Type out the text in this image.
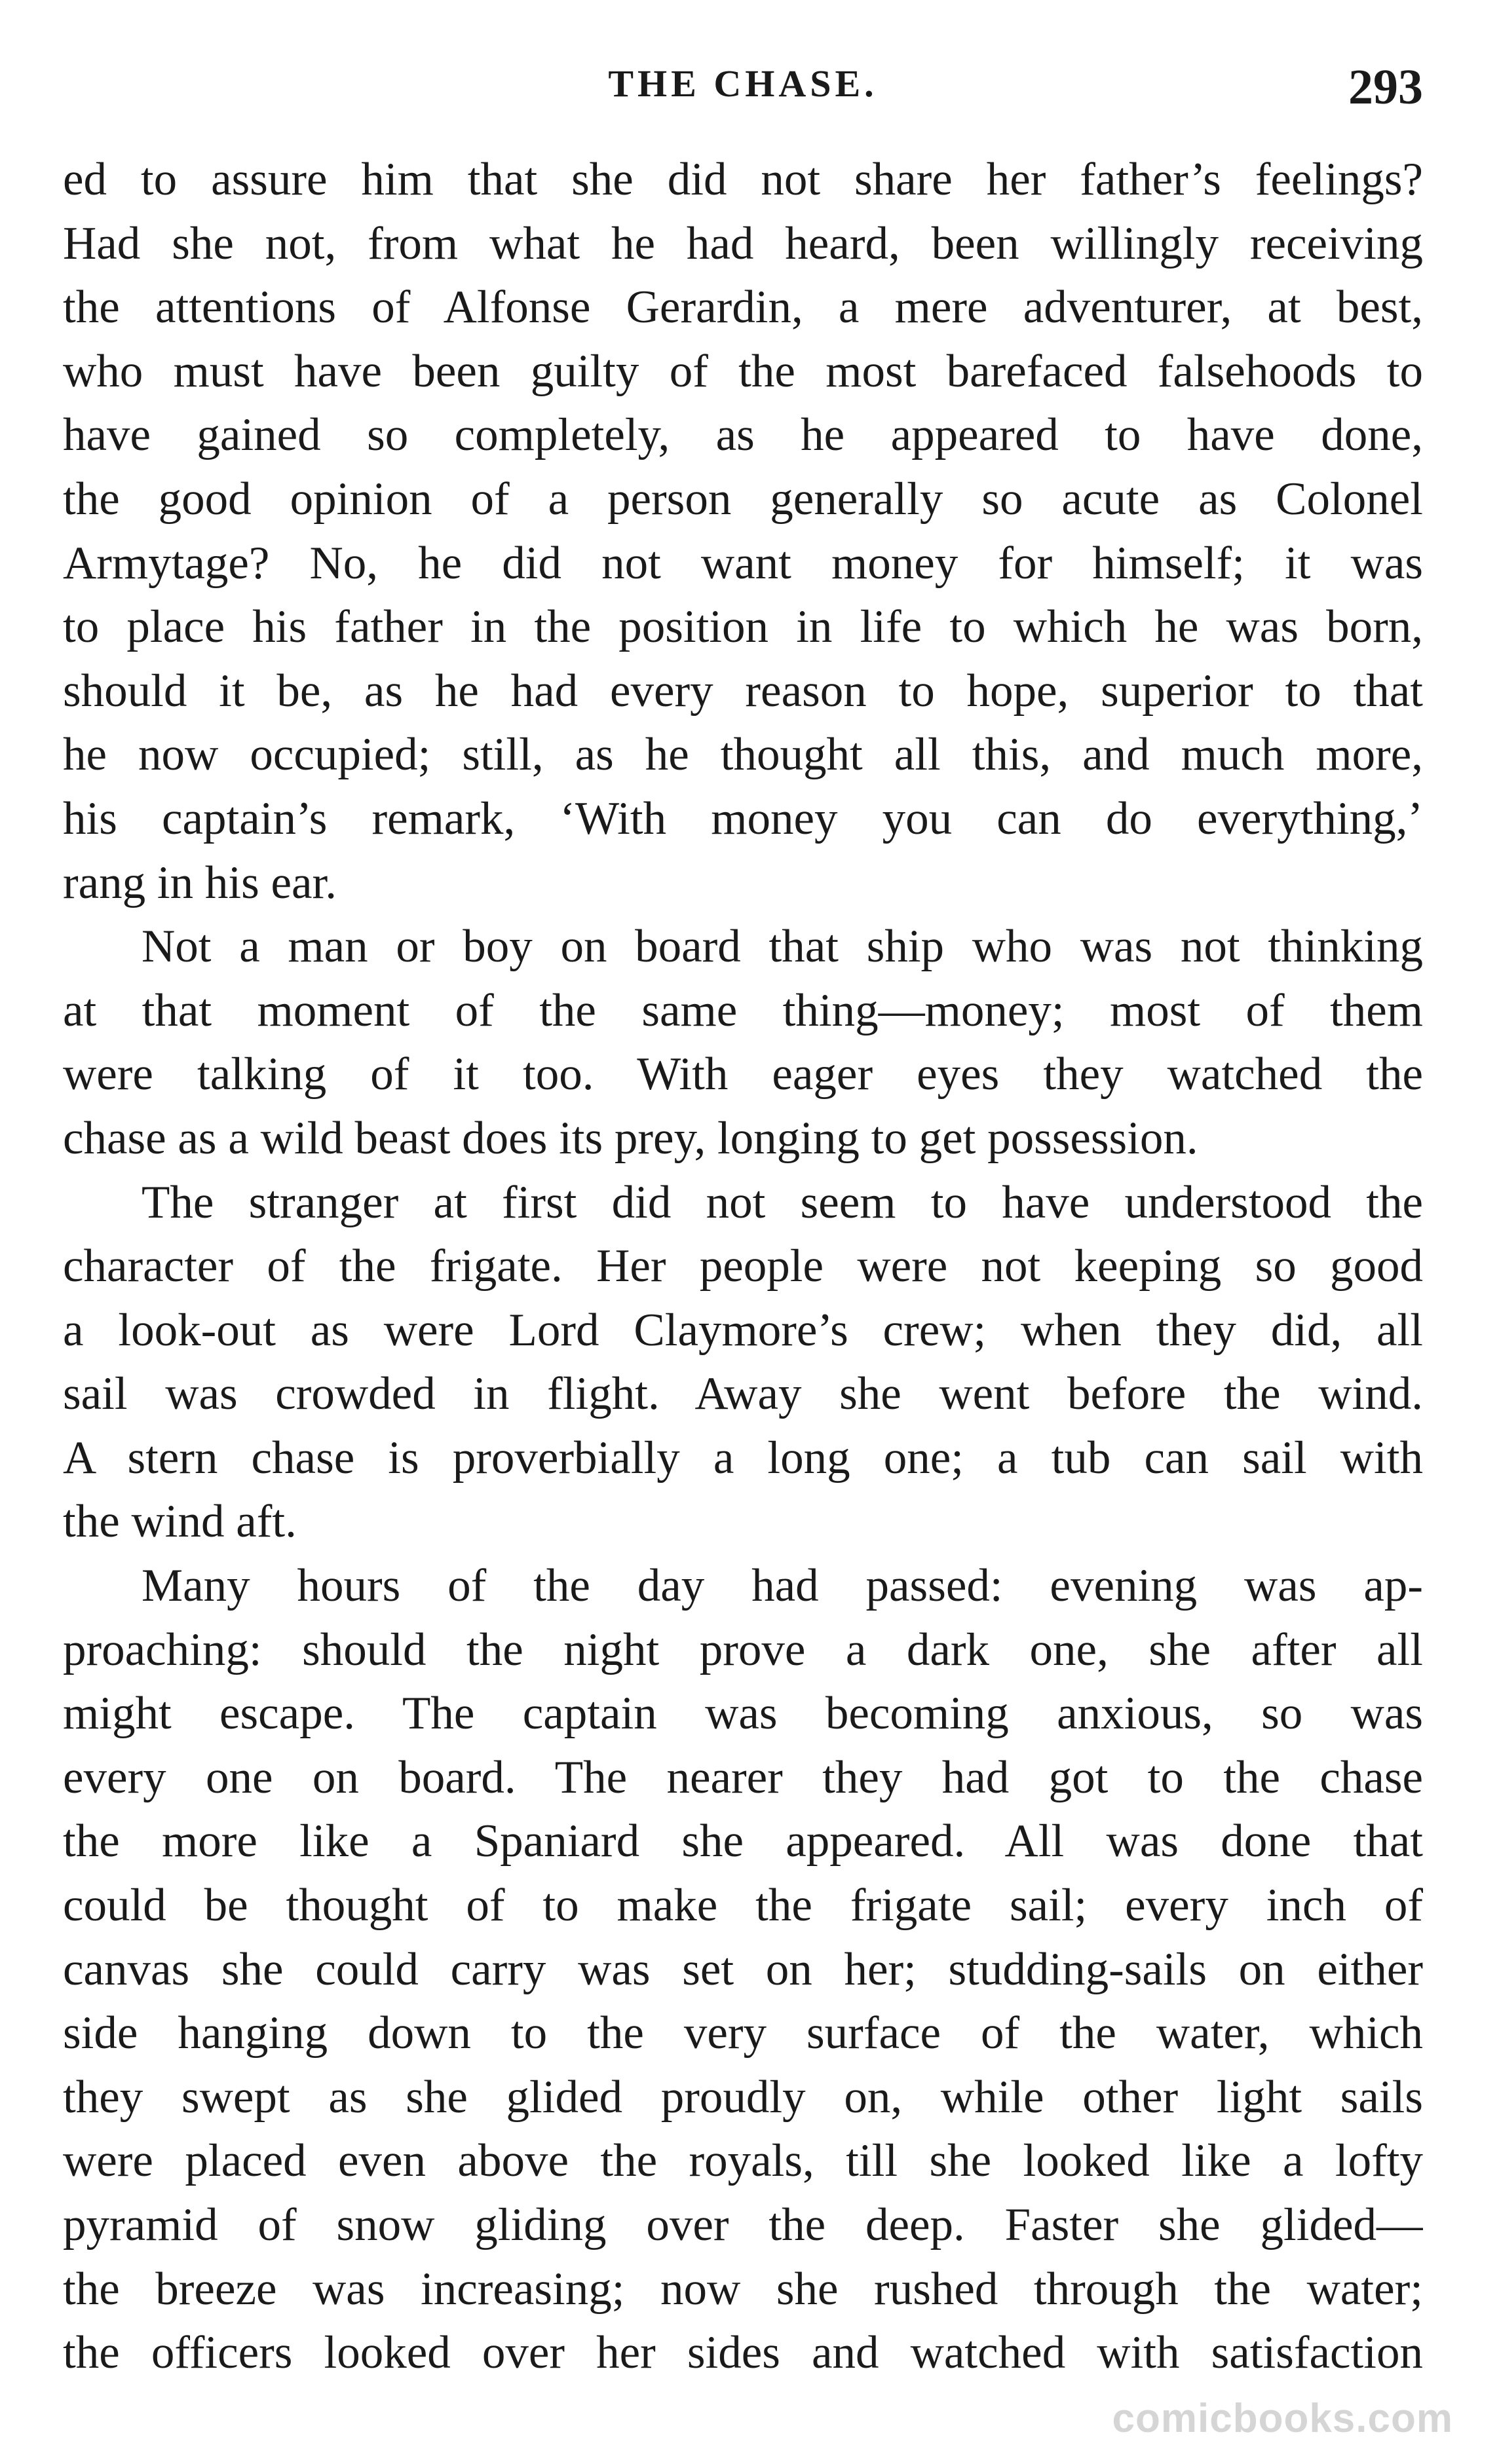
THE CHASE.	293
ed to assure him that she did not share her father’s feelings?
Had she not, from what he had heard, been willingly receiving
the attentions of Alfonse Gerardin, a mere adventurer, at best,
who must have been guilty of the most barefaced falsehoods to
have gained so completely, as he appeared to have done,
the good opinion of a person generally so acute as Colonel
Armytage? No, he did not want money for himself; it was
to place his father in the position in life to which he was born,
should it be, as he had every reason to hope, superior to that
he now occupied; still, as he thought all this, and much more,
his captain’s remark, ‘With money you can do everything,’
rang in his ear.
Not a man or boy on board that ship who was not thinking
at that moment of the same thing—money; most of them
were talking of it too. With eager eyes they watched the
chase as a wild beast does its prey, longing to get possession.
The stranger at first did not seem to have understood the
character of the frigate. Her people were not keeping so good
a look-out as were Lord Claymore’s crew; when they did, all
sail was crowded in flight. Away she went before the wind.
A stern chase is proverbially a long one; a tub can sail with
the wind aft.
Many hours of the day had passed: evening was ap-
proaching: should the night prove a dark one, she after all
might escape. The captain was becoming anxious, so was
every one on board. The nearer they had got to the chase
the more like a Spaniard she appeared. All was done that
could be thought of to make the frigate sail; every inch of
canvas she could carry was set on her; studding-sails on either
side hanging down to the very surface of the water, which
they swept as she glided proudly on, while other light sails
were placed even above the royals, till she looked like a lofty
pyramid of snow gliding over the deep. Faster she glided—
the breeze was increasing; now she rushed through the water;
the officers looked over her sides and watched with satisfaction
comicbooks.com
